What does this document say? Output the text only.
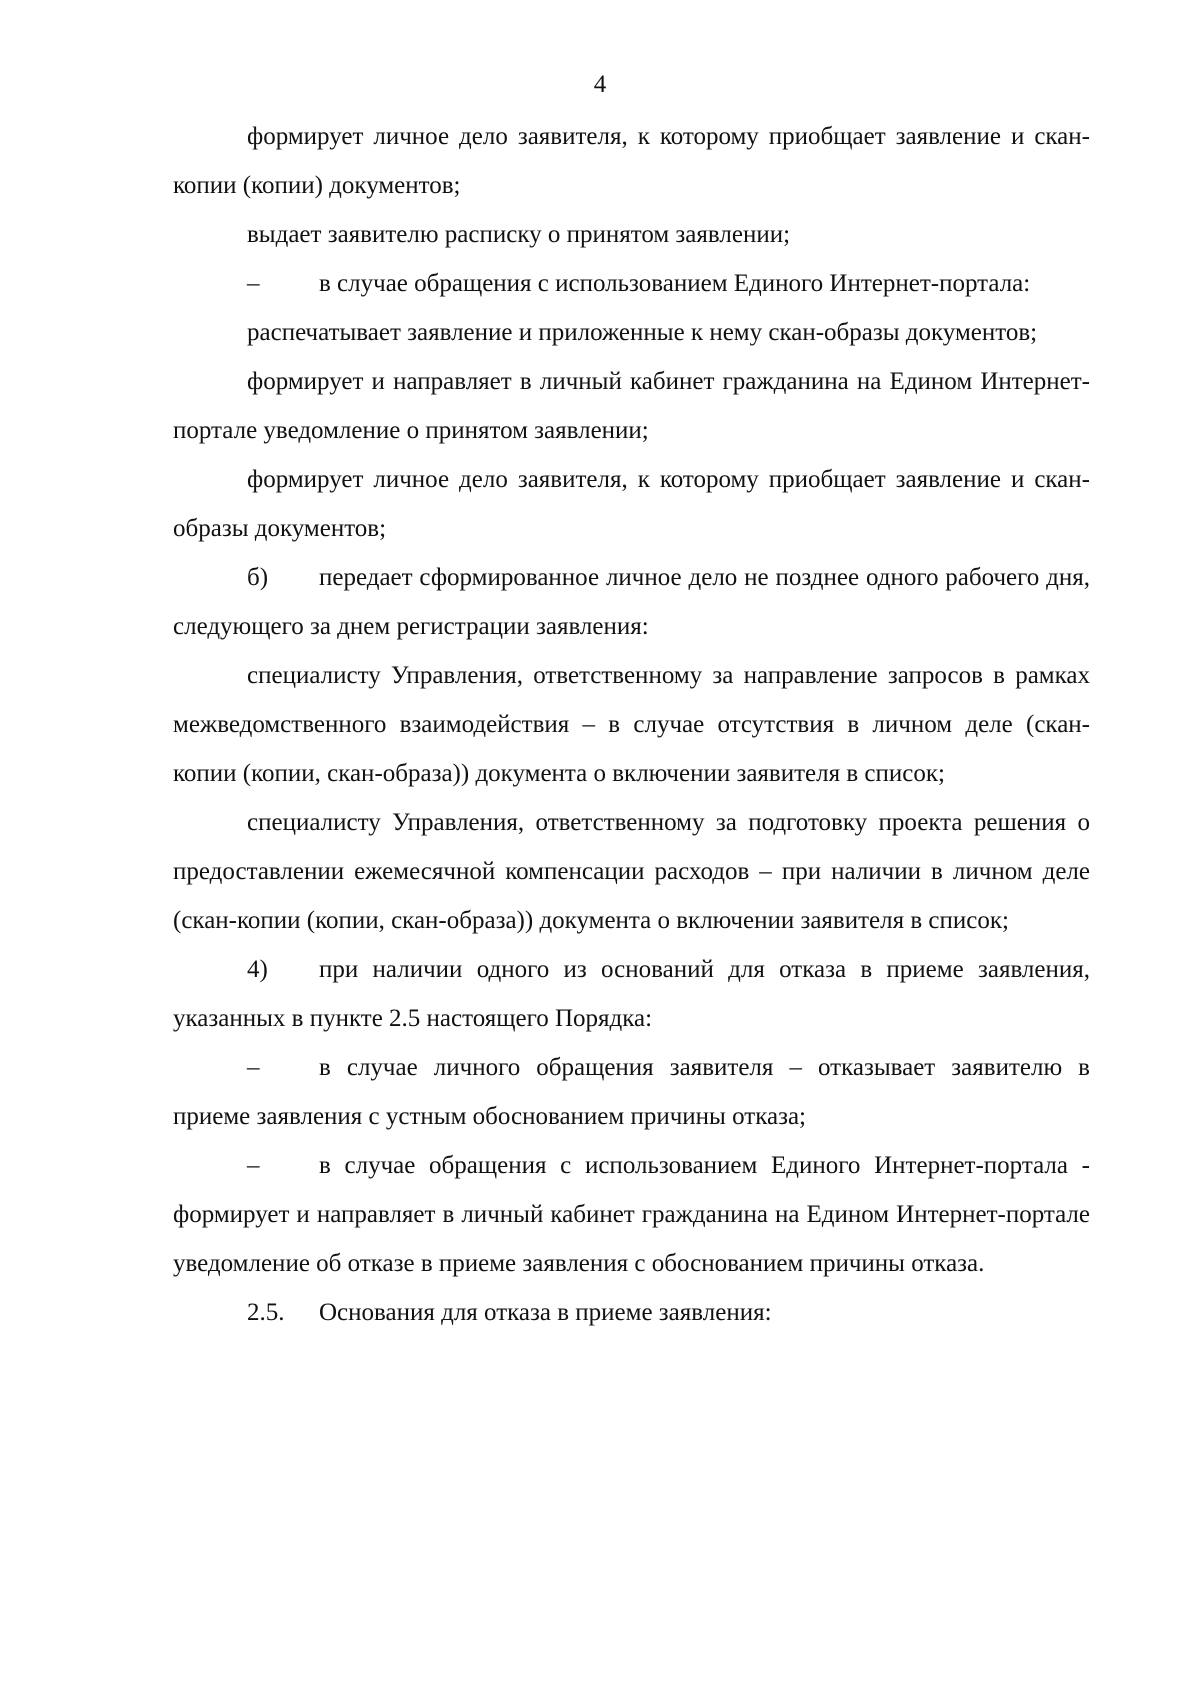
4

формирует личное дело заявителя, к которому приобщает заявление и скан-копии (копии) документов;

выдает заявителю расписку о принятом заявлении;

– в случае обращения с использованием Единого Интернет-портала:

распечатывает заявление и приложенные к нему скан-образы документов;

формирует и направляет в личный кабинет гражданина на Едином Интернет-портале уведомление о принятом заявлении;

формирует личное дело заявителя, к которому приобщает заявление и скан-образы документов;

б) передает сформированное личное дело не позднее одного рабочего дня, следующего за днем регистрации заявления:

специалисту Управления, ответственному за направление запросов в рамках межведомственного взаимодействия – в случае отсутствия в личном деле (скан-копии (копии, скан-образа)) документа о включении заявителя в список;

специалисту Управления, ответственному за подготовку проекта решения о предоставлении ежемесячной компенсации расходов – при наличии в личном деле (скан-копии (копии, скан-образа)) документа о включении заявителя в список;

4) при наличии одного из оснований для отказа в приеме заявления, указанных в пункте 2.5 настоящего Порядка:

– в случае личного обращения заявителя – отказывает заявителю в приеме заявления с устным обоснованием причины отказа;

– в случае обращения с использованием Единого Интернет-портала - формирует и направляет в личный кабинет гражданина на Едином Интернет-портале уведомление об отказе в приеме заявления с обоснованием причины отказа.

2.5. Основания для отказа в приеме заявления:
